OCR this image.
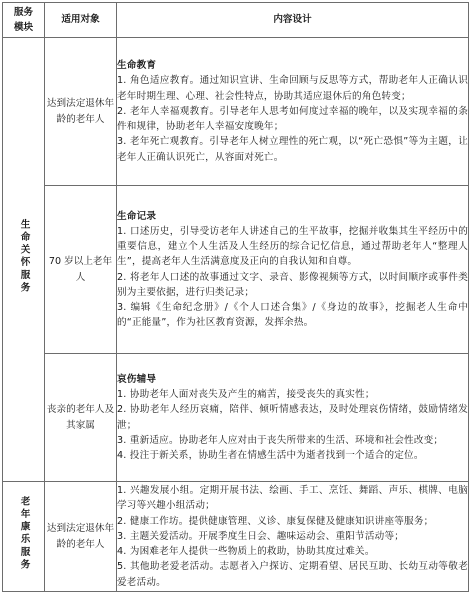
服务
模块	适用对象	内容设计
生命关怀服务	达到法定退休年龄的老年人	生命教育
1. 角色适应教育。通过知识宣讲、生命回顾与反思等方式，帮助老年人正确认识老年时期生理、心理、社会性特点，协助其适应退休后的角色转变；
2. 老年人幸福观教育。引导老年人思考如何度过幸福的晚年，以及实现幸福的条件和规律，协助老年人幸福安度晚年；
3. 老年死亡观教育。引导老年人树立理性的死亡观，以“死亡恐惧”等为主题，让老年人正确认识死亡，从容面对死亡。

	70 岁以上老年人	生命记录
1. 口述历史，引导受访老年人讲述自己的生平故事，挖掘并收集其生平经历中的重要信息，建立个人生活及人生经历的综合记忆信息，通过帮助老年人“整理人生”，提高老年人生活满意度及正向的自我认知和自尊。
2. 将老年人口述的故事通过文字、录音、影像视频等方式，以时间顺序或事件类别为主要依据，进行归类记录；
3. 编辑《生命纪念册》/《个人口述合集》/《身边的故事》，挖掘老人生命中的“正能量”，作为社区教育资源，发挥余热。

	丧亲的老年人及其家属	哀伤辅导
1. 协助老年人面对丧失及产生的痛苦，接受丧失的真实性；
2. 协助老年人经历哀痛，陪伴、倾听情感表达，及时处理哀伤情绪，鼓励情绪发泄；
3. 重新适应。协助老年人应对由于丧失所带来的生活、环境和社会性改变；
4. 投注于新关系，协助生者在情感生活中为逝者找到一个适合的定位。

老年康乐服务	达到法定退休年龄的老年人	1. 兴趣发展小组。定期开展书法、绘画、手工、烹饪、舞蹈、声乐、棋牌、电脑学习等兴趣小组活动；
2. 健康工作坊。提供健康管理、义诊、康复保健及健康知识讲座等服务；
3. 主题关爱活动。开展季度生日会、趣味运动会、重阳节活动等；
4. 为困难老年人提供一些物质上的救助，协助其度过难关。
5. 其他助老爱老活动。志愿者入户探访、定期看望、居民互助、长幼互动等敬老爱老活动。
